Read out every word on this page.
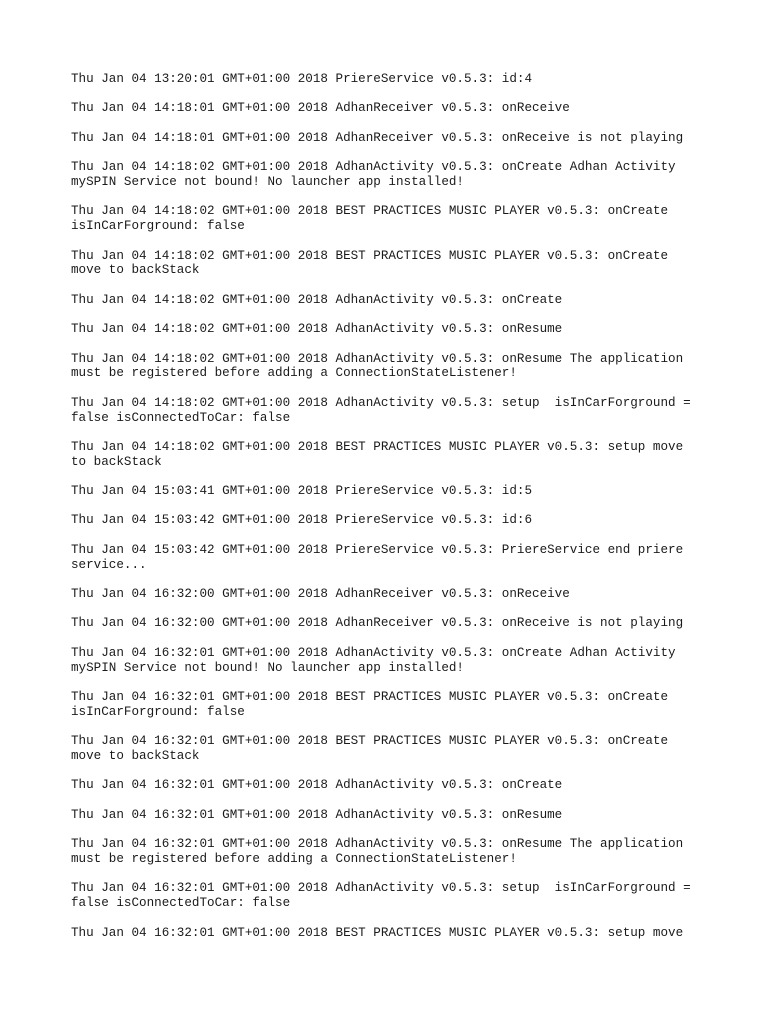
Thu Jan 04 13:20:01 GMT+01:00 2018 PriereService v0.5.3: id:4

Thu Jan 04 14:18:01 GMT+01:00 2018 AdhanReceiver v0.5.3: onReceive

Thu Jan 04 14:18:01 GMT+01:00 2018 AdhanReceiver v0.5.3: onReceive is not playing

Thu Jan 04 14:18:02 GMT+01:00 2018 AdhanActivity v0.5.3: onCreate Adhan Activity
mySPIN Service not bound! No launcher app installed!

Thu Jan 04 14:18:02 GMT+01:00 2018 BEST PRACTICES MUSIC PLAYER v0.5.3: onCreate
isInCarForground: false

Thu Jan 04 14:18:02 GMT+01:00 2018 BEST PRACTICES MUSIC PLAYER v0.5.3: onCreate
move to backStack

Thu Jan 04 14:18:02 GMT+01:00 2018 AdhanActivity v0.5.3: onCreate

Thu Jan 04 14:18:02 GMT+01:00 2018 AdhanActivity v0.5.3: onResume

Thu Jan 04 14:18:02 GMT+01:00 2018 AdhanActivity v0.5.3: onResume The application
must be registered before adding a ConnectionStateListener!

Thu Jan 04 14:18:02 GMT+01:00 2018 AdhanActivity v0.5.3: setup  isInCarForground =
false isConnectedToCar: false

Thu Jan 04 14:18:02 GMT+01:00 2018 BEST PRACTICES MUSIC PLAYER v0.5.3: setup move
to backStack

Thu Jan 04 15:03:41 GMT+01:00 2018 PriereService v0.5.3: id:5

Thu Jan 04 15:03:42 GMT+01:00 2018 PriereService v0.5.3: id:6

Thu Jan 04 15:03:42 GMT+01:00 2018 PriereService v0.5.3: PriereService end priere
service...

Thu Jan 04 16:32:00 GMT+01:00 2018 AdhanReceiver v0.5.3: onReceive

Thu Jan 04 16:32:00 GMT+01:00 2018 AdhanReceiver v0.5.3: onReceive is not playing

Thu Jan 04 16:32:01 GMT+01:00 2018 AdhanActivity v0.5.3: onCreate Adhan Activity
mySPIN Service not bound! No launcher app installed!

Thu Jan 04 16:32:01 GMT+01:00 2018 BEST PRACTICES MUSIC PLAYER v0.5.3: onCreate
isInCarForground: false

Thu Jan 04 16:32:01 GMT+01:00 2018 BEST PRACTICES MUSIC PLAYER v0.5.3: onCreate
move to backStack

Thu Jan 04 16:32:01 GMT+01:00 2018 AdhanActivity v0.5.3: onCreate

Thu Jan 04 16:32:01 GMT+01:00 2018 AdhanActivity v0.5.3: onResume

Thu Jan 04 16:32:01 GMT+01:00 2018 AdhanActivity v0.5.3: onResume The application
must be registered before adding a ConnectionStateListener!

Thu Jan 04 16:32:01 GMT+01:00 2018 AdhanActivity v0.5.3: setup  isInCarForground =
false isConnectedToCar: false

Thu Jan 04 16:32:01 GMT+01:00 2018 BEST PRACTICES MUSIC PLAYER v0.5.3: setup move
